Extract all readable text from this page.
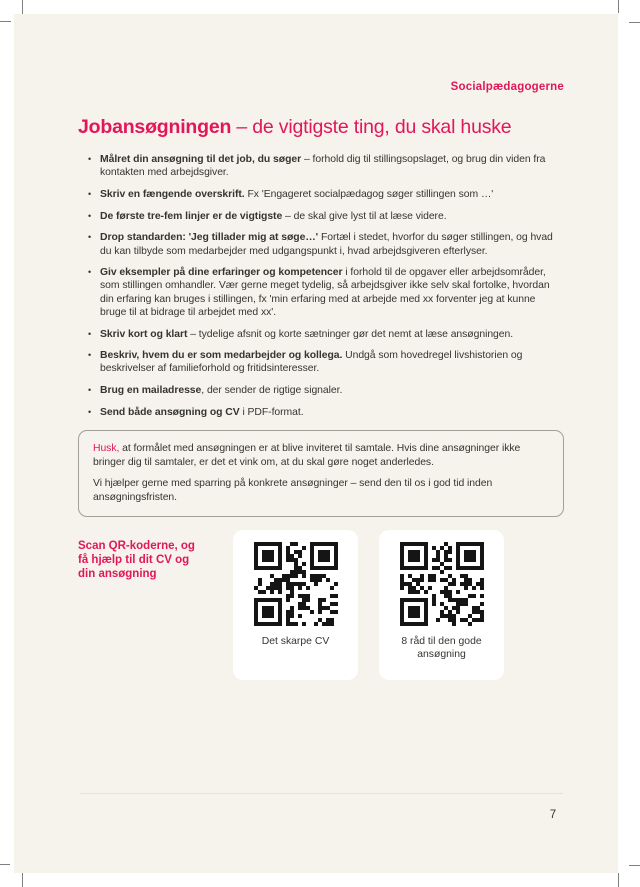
Socialpædagogerne
Jobansøgningen – de vigtigste ting, du skal huske
• Målret din ansøgning til det job, du søger – forhold dig til stillingsopslaget, og brug din viden fra kontakten med arbejdsgiver.
• Skriv en fængende overskrift. Fx 'Engageret socialpædagog søger stillingen som …'
• De første tre-fem linjer er de vigtigste – de skal give lyst til at læse videre.
• Drop standarden: 'Jeg tillader mig at søge…' Fortæl i stedet, hvorfor du søger stillingen, og hvad du kan tilbyde som medarbejder med udgangspunkt i, hvad arbejdsgiveren efterlyser.
• Giv eksempler på dine erfaringer og kompetencer i forhold til de opgaver eller arbejdsområder, som stillingen omhandler. Vær gerne meget tydelig, så arbejdsgiver ikke selv skal fortolke, hvordan din erfaring kan bruges i stillingen, fx 'min erfaring med at arbejde med xx forventer jeg at kunne bruge til at bidrage til arbejdet med xx'.
• Skriv kort og klart – tydelige afsnit og korte sætninger gør det nemt at læse ansøgningen.
• Beskriv, hvem du er som medarbejder og kollega. Undgå som hovedregel livshistorien og beskrivelser af familieforhold og fritidsinteresser.
• Brug en mailadresse, der sender de rigtige signaler.
• Send både ansøgning og CV i PDF-format.

Husk, at formålet med ansøgningen er at blive inviteret til samtale. Hvis dine ansøgninger ikke bringer dig til samtaler, er det et vink om, at du skal gøre noget anderledes.

Vi hjælper gerne med sparring på konkrete ansøgninger – send den til os i god tid inden ansøgningsfristen.

Scan QR-koderne, og
få hjælp til dit CV og
din ansøgning
Det skarpe CV	8 råd til den gode ansøgning
7
